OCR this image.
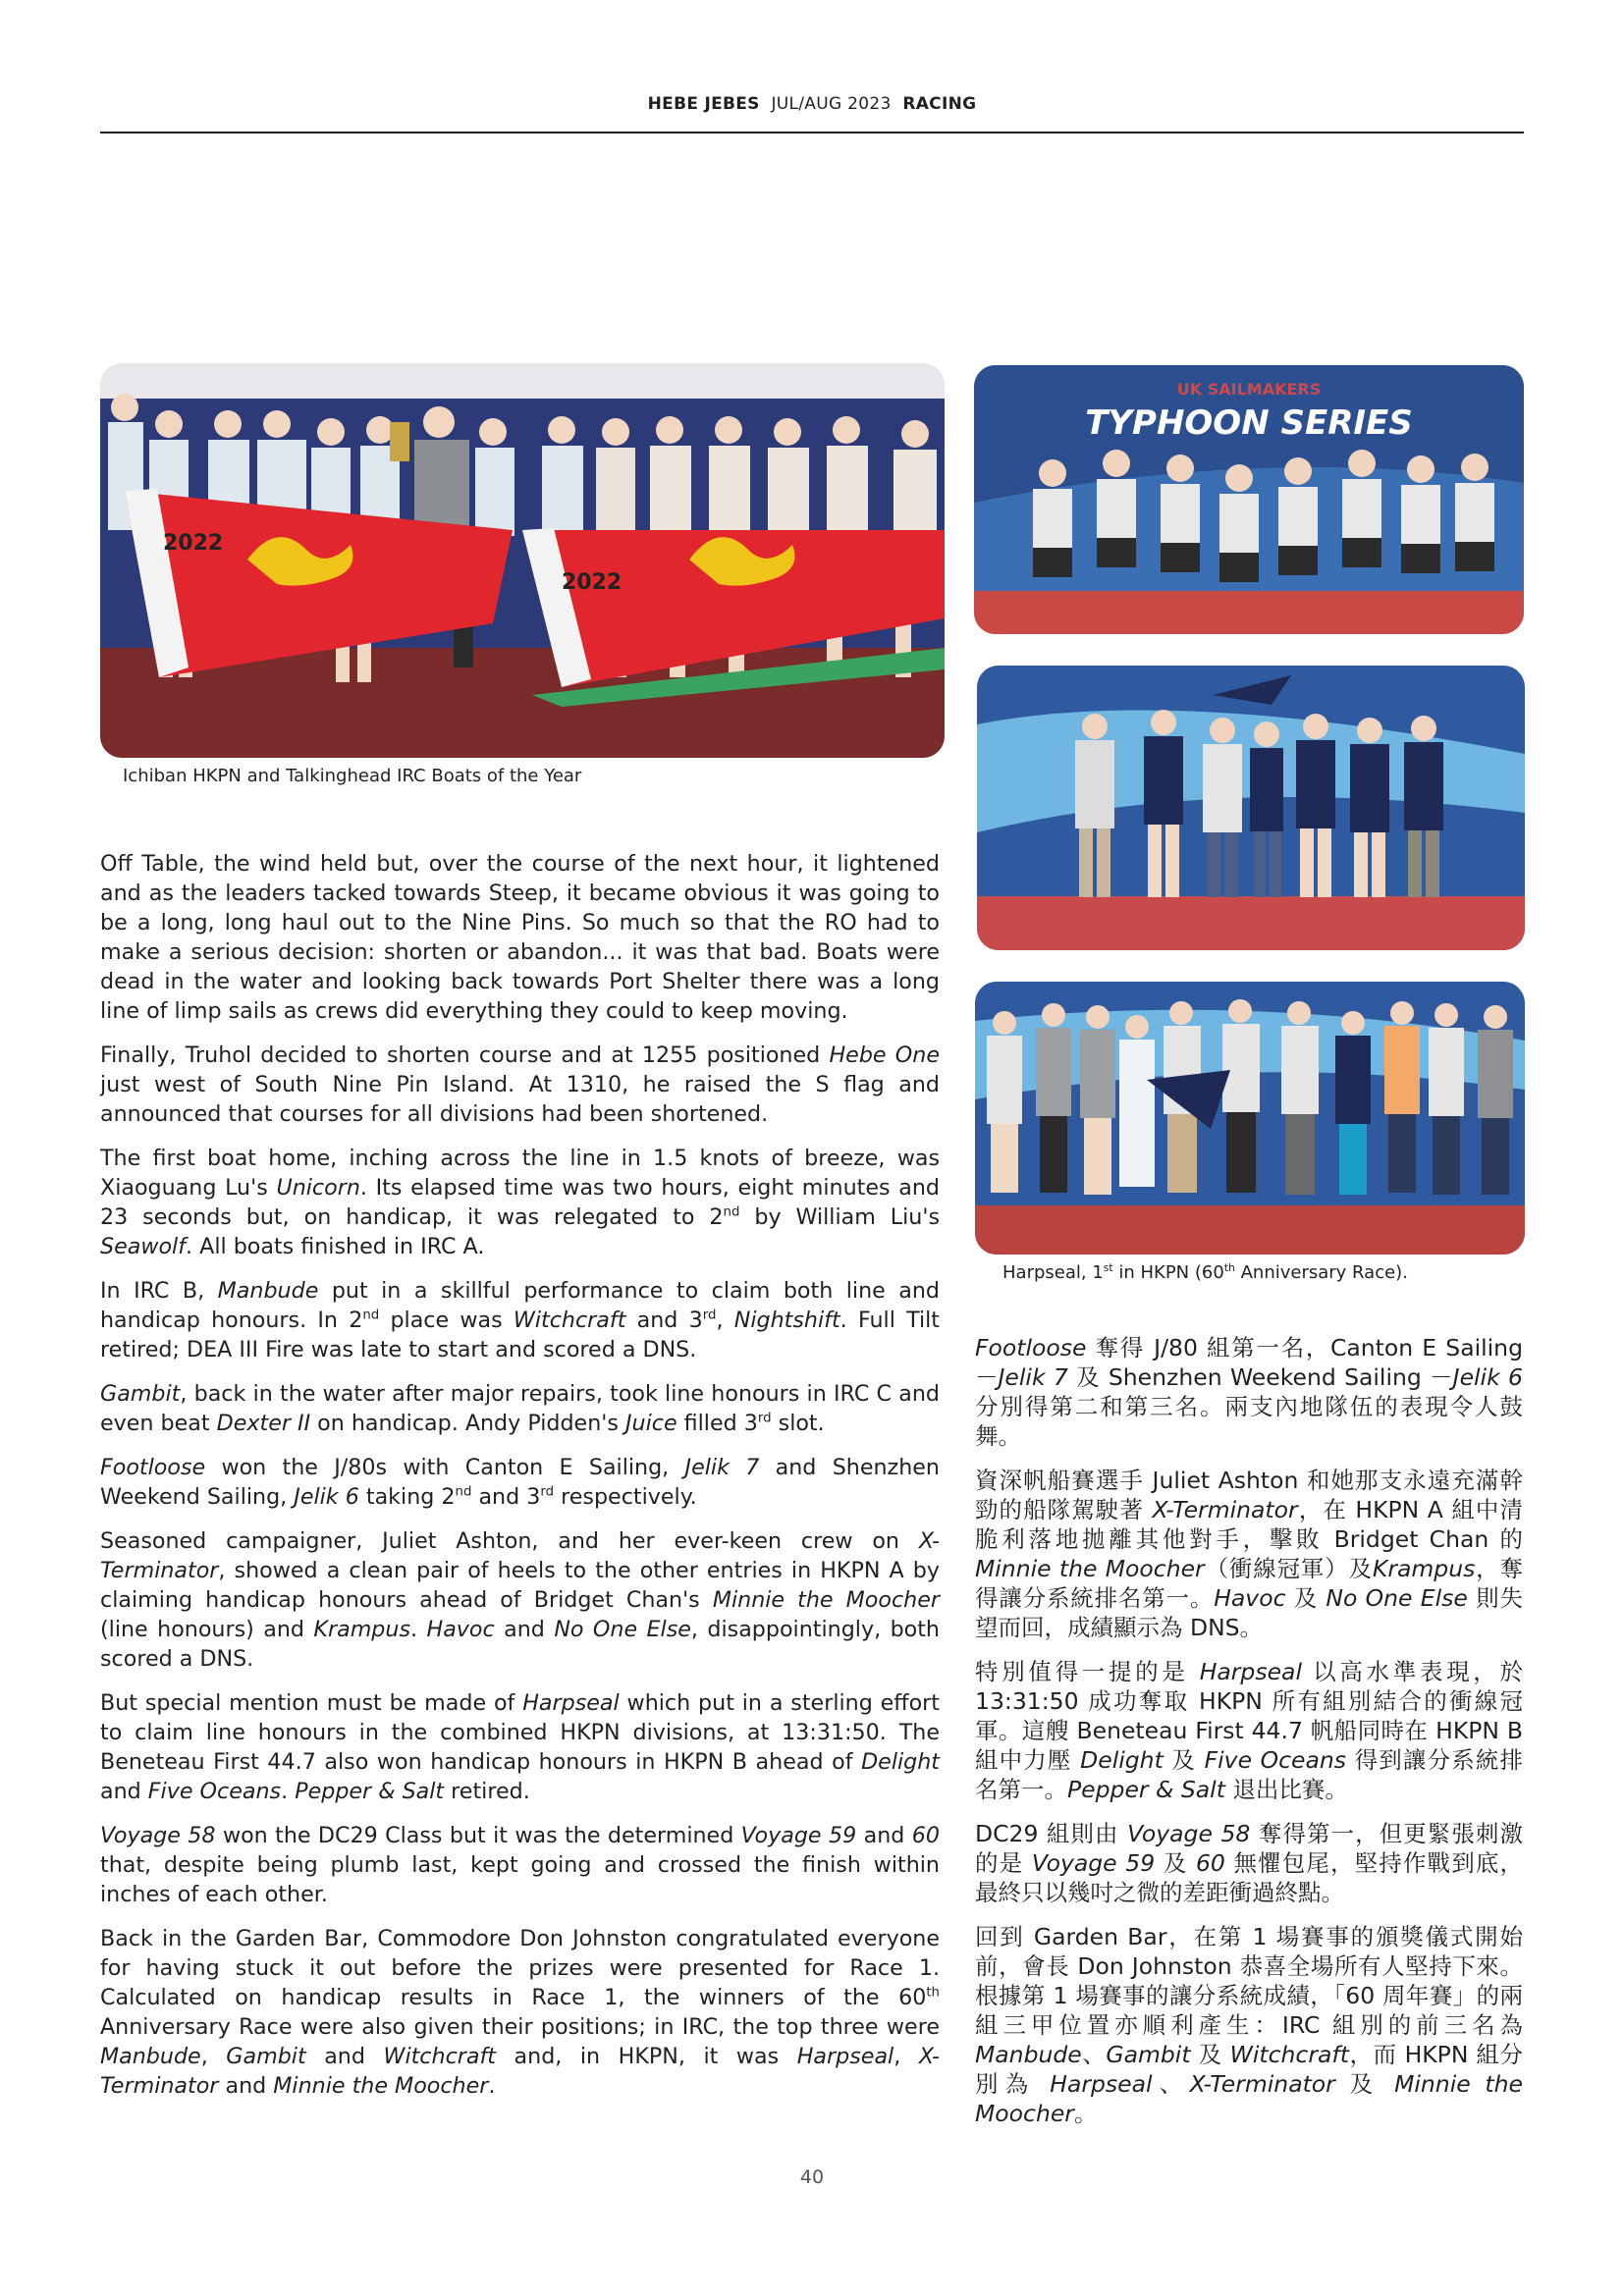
HEBE JEBES JUL/AUG 2023 RACING
2022
2022
Ichiban HKPN and Talkinghead IRC Boats of the Year
UK SAILMAKERS
TYPHOON SERIES
Harpseal, 1st in HKPN (60th Anniversary Race).

Off Table, the wind held but, over the course of the next hour, it lightened and as the leaders tacked towards Steep, it became obvious it was going to be a long, long haul out to the Nine Pins. So much so that the RO had to make a serious decision: shorten or abandon... it was that bad. Boats were dead in the water and looking back towards Port Shelter there was a long line of limp sails as crews did everything they could to keep moving.

Finally, Truhol decided to shorten course and at 1255 positioned Hebe One just west of South Nine Pin Island. At 1310, he raised the S flag and announced that courses for all divisions had been shortened.

The first boat home, inching across the line in 1.5 knots of breeze, was Xiaoguang Lu's Unicorn. Its elapsed time was two hours, eight minutes and 23 seconds but, on handicap, it was relegated to 2nd by William Liu's Seawolf. All boats finished in IRC A.

In IRC B, Manbude put in a skillful performance to claim both line and handicap honours. In 2nd place was Witchcraft and 3rd, Nightshift. Full Tilt retired; DEA III Fire was late to start and scored a DNS.

Gambit, back in the water after major repairs, took line honours in IRC C and even beat Dexter II on handicap. Andy Pidden's Juice filled 3rd slot.

Footloose won the J/80s with Canton E Sailing, Jelik 7 and Shenzhen Weekend Sailing, Jelik 6 taking 2nd and 3rd respectively.

Seasoned campaigner, Juliet Ashton, and her ever-keen crew on X-Terminator, showed a clean pair of heels to the other entries in HKPN A by claiming handicap honours ahead of Bridget Chan's Minnie the Moocher (line honours) and Krampus. Havoc and No One Else, disappointingly, both scored a DNS.

But special mention must be made of Harpseal which put in a sterling effort to claim line honours in the combined HKPN divisions, at 13:31:50. The Beneteau First 44.7 also won handicap honours in HKPN B ahead of Delight and Five Oceans. Pepper & Salt retired.

Voyage 58 won the DC29 Class but it was the determined Voyage 59 and 60 that, despite being plumb last, kept going and crossed the finish within inches of each other.

Back in the Garden Bar, Commodore Don Johnston congratulated everyone for having stuck it out before the prizes were presented for Race 1. Calculated on handicap results in Race 1, the winners of the 60th Anniversary Race were also given their positions; in IRC, the top three were Manbude, Gambit and Witchcraft and, in HKPN, it was Harpseal, X-Terminator and Minnie the Moocher.

Footloose 奪得 J/80 組第一名，Canton E Sailing －Jelik 7 及 Shenzhen Weekend Sailing －Jelik 6 分別得第二和第三名。兩支內地隊伍的表現令人鼓舞。

資深帆船賽選手 Juliet Ashton 和她那支永遠充滿幹勁的船隊駕駛著 X-Terminator，在 HKPN A 組中清脆利落地拋離其他對手，擊敗 Bridget Chan 的 Minnie the Moocher（衝線冠軍）及Krampus，奪得讓分系統排名第一。Havoc 及 No One Else 則失望而回，成績顯示為 DNS。

特別值得一提的是 Harpseal 以高水準表現，於 13:31:50 成功奪取 HKPN 所有組別結合的衝線冠軍。這艘 Beneteau First 44.7 帆船同時在 HKPN B 組中力壓 Delight 及 Five Oceans 得到讓分系統排名第一。Pepper & Salt 退出比賽。

DC29 組則由 Voyage 58 奪得第一，但更緊張刺激的是 Voyage 59 及 60 無懼包尾，堅持作戰到底，最終只以幾吋之微的差距衝過終點。

回到 Garden Bar，在第 1 場賽事的頒獎儀式開始前，會長 Don Johnston 恭喜全場所有人堅持下來。根據第 1 場賽事的讓分系統成績，「60 周年賽」的兩組三甲位置亦順利產生：IRC 組別的前三名為 Manbude、Gambit 及 Witchcraft，而 HKPN 組分別為 Harpseal、X-Terminator 及 Minnie the Moocher。

40
